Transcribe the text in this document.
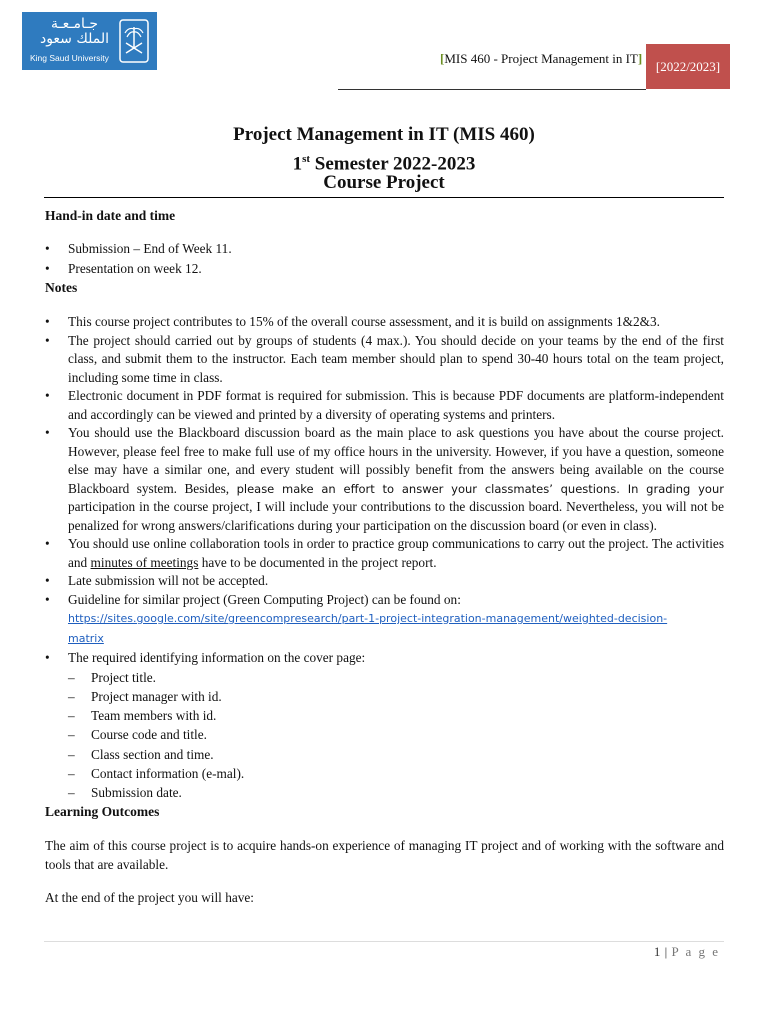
جـامـعـة
الملك سعود
King Saud University	[MIS 460 - Project Management in IT]	[2022/2023]
Project Management in IT (MIS 460)
1st Semester 2022-2023
Course Project
Hand-in date and time
• Submission – End of Week 11.
• Presentation on week 12.
Notes
• This course project contributes to 15% of the overall course assessment, and it is build on assignments 1&2&3.
• The project should carried out by groups of students (4 max.). You should decide on your teams by the end of the first class, and submit them to the instructor. Each team member should plan to spend 30-40 hours total on the team project, including some time in class.
• Electronic document in PDF format is required for submission. This is because PDF documents are platform-independent and accordingly can be viewed and printed by a diversity of operating systems and printers.
• You should use the Blackboard discussion board as the main place to ask questions you have about the course project. However, please feel free to make full use of my office hours in the university. However, if you have a question, someone else may have a similar one, and every student will possibly benefit from the answers being available on the course Blackboard system. Besides, please make an effort to answer your classmates’ questions. In grading your participation in the course project, I will include your contributions to the discussion board. Nevertheless, you will not be penalized for wrong answers/clarifications during your participation on the discussion board (or even in class).
• You should use online collaboration tools in order to practice group communications to carry out the project. The activities and minutes of meetings have to be documented in the project report.
• Late submission will not be accepted.
• Guideline for similar project (Green Computing Project) can be found on:
https://sites.google.com/site/greencompresearch/part-1-project-integration-management/weighted-decision-
matrix
• The required identifying information on the cover page:
– Project title.
– Project manager with id.
– Team members with id.
– Course code and title.
– Class section and time.
– Contact information (e-mal).
– Submission date.
Learning Outcomes

The aim of this course project is to acquire hands-on experience of managing IT project and of working with the software and tools that are available.

At the end of the project you will have:

1 | P a g e
